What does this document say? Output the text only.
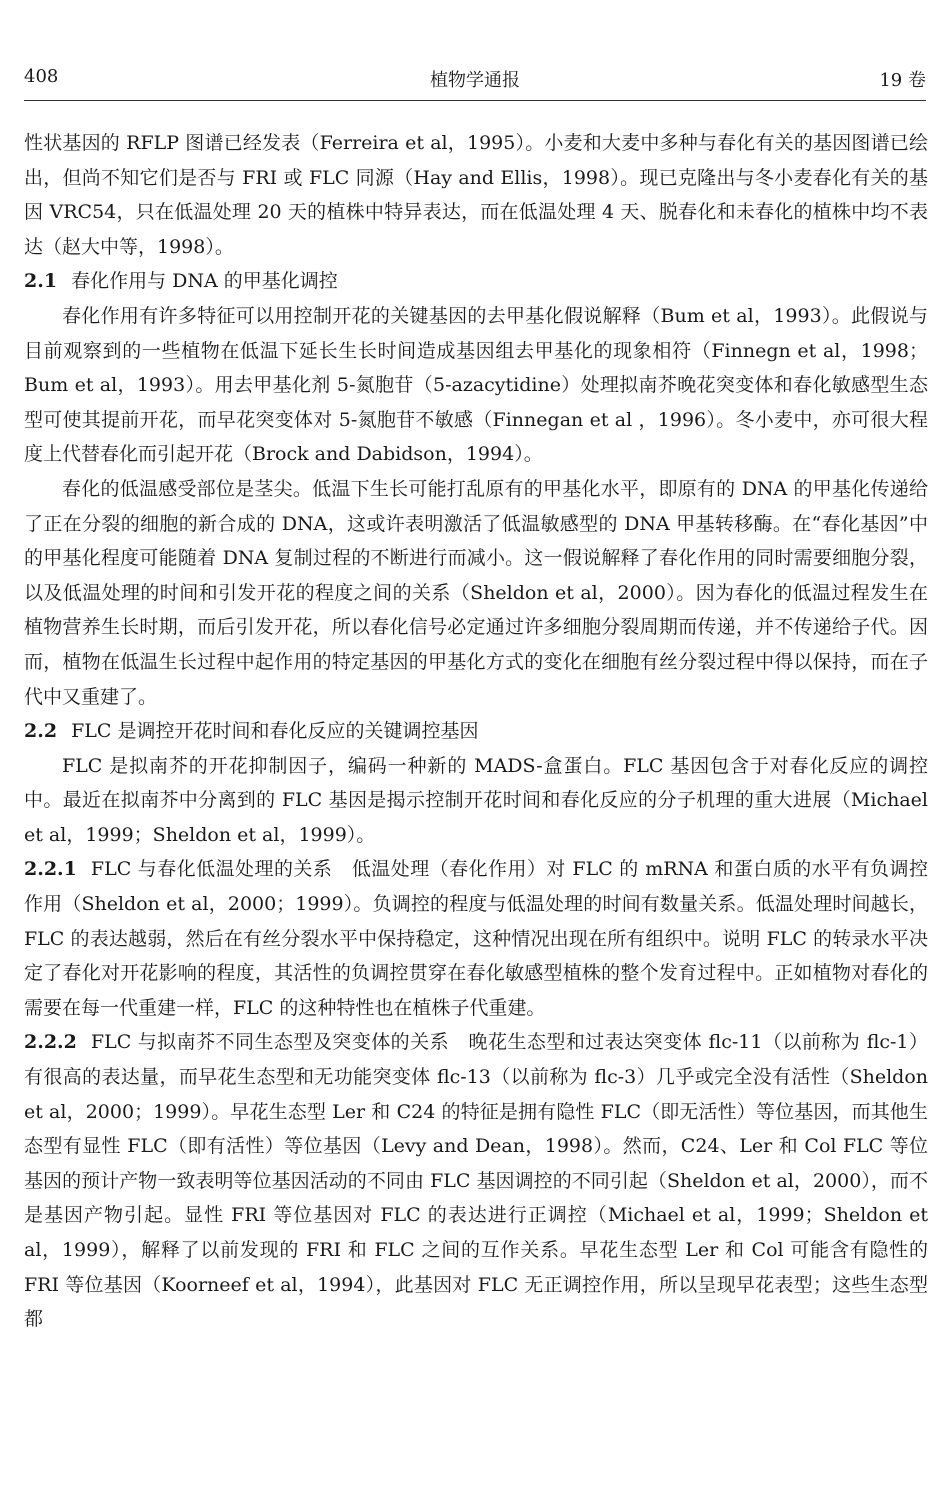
408	植物学通报	19 卷

性状基因的 RFLP 图谱已经发表（Ferreira et al，1995）。小麦和大麦中多种与春化有关的基因图谱已绘出，但尚不知它们是否与 FRI 或 FLC 同源（Hay and Ellis，1998）。现已克隆出与冬小麦春化有关的基因 VRC54，只在低温处理 20 天的植株中特异表达，而在低温处理 4 天、脱春化和未春化的植株中均不表达（赵大中等，1998）。

2.1 春化作用与 DNA 的甲基化调控

春化作用有许多特征可以用控制开花的关键基因的去甲基化假说解释（Bum et al，1993）。此假说与目前观察到的一些植物在低温下延长生长时间造成基因组去甲基化的现象相符（Finnegn et al，1998；Bum et al，1993）。用去甲基化剂 5-氮胞苷（5-azacytidine）处理拟南芥晚花突变体和春化敏感型生态型可使其提前开花，而早花突变体对 5-氮胞苷不敏感（Finnegan et al ，1996）。冬小麦中，亦可很大程度上代替春化而引起开花（Brock and Dabidson，1994）。

春化的低温感受部位是茎尖。低温下生长可能打乱原有的甲基化水平，即原有的 DNA 的甲基化传递给了正在分裂的细胞的新合成的 DNA，这或许表明激活了低温敏感型的 DNA 甲基转移酶。在“春化基因”中的甲基化程度可能随着 DNA 复制过程的不断进行而减小。这一假说解释了春化作用的同时需要细胞分裂，以及低温处理的时间和引发开花的程度之间的关系（Sheldon et al，2000）。因为春化的低温过程发生在植物营养生长时期，而后引发开花，所以春化信号必定通过许多细胞分裂周期而传递，并不传递给子代。因而，植物在低温生长过程中起作用的特定基因的甲基化方式的变化在细胞有丝分裂过程中得以保持，而在子代中又重建了。

2.2 FLC 是调控开花时间和春化反应的关键调控基因

FLC 是拟南芥的开花抑制因子，编码一种新的 MADS-盒蛋白。FLC 基因包含于对春化反应的调控中。最近在拟南芥中分离到的 FLC 基因是揭示控制开花时间和春化反应的分子机理的重大进展（Michael et al，1999；Sheldon et al，1999）。

2.2.1 FLC 与春化低温处理的关系　 低温处理（春化作用）对 FLC 的 mRNA 和蛋白质的水平有负调控作用（Sheldon et al，2000；1999）。负调控的程度与低温处理的时间有数量关系。低温处理时间越长，FLC 的表达越弱，然后在有丝分裂水平中保持稳定，这种情况出现在所有组织中。说明 FLC 的转录水平决定了春化对开花影响的程度，其活性的负调控贯穿在春化敏感型植株的整个发育过程中。正如植物对春化的需要在每一代重建一样，FLC 的这种特性也在植株子代重建。

2.2.2 FLC 与拟南芥不同生态型及突变体的关系　 晚花生态型和过表达突变体 flc-11（以前称为 flc-1）有很高的表达量，而早花生态型和无功能突变体 flc-13（以前称为 flc-3）几乎或完全没有活性（Sheldon et al，2000；1999）。早花生态型 Ler 和 C24 的特征是拥有隐性 FLC（即无活性）等位基因，而其他生态型有显性 FLC（即有活性）等位基因（Levy and Dean，1998）。然而，C24、Ler 和 Col FLC 等位基因的预计产物一致表明等位基因活动的不同由 FLC 基因调控的不同引起（Sheldon et al，2000），而不是基因产物引起。显性 FRI 等位基因对 FLC 的表达进行正调控（Michael et al，1999；Sheldon et al，1999），解释了以前发现的 FRI 和 FLC 之间的互作关系。早花生态型 Ler 和 Col 可能含有隐性的 FRI 等位基因（Koorneef et al，1994），此基因对 FLC 无正调控作用，所以呈现早花表型；这些生态型都
